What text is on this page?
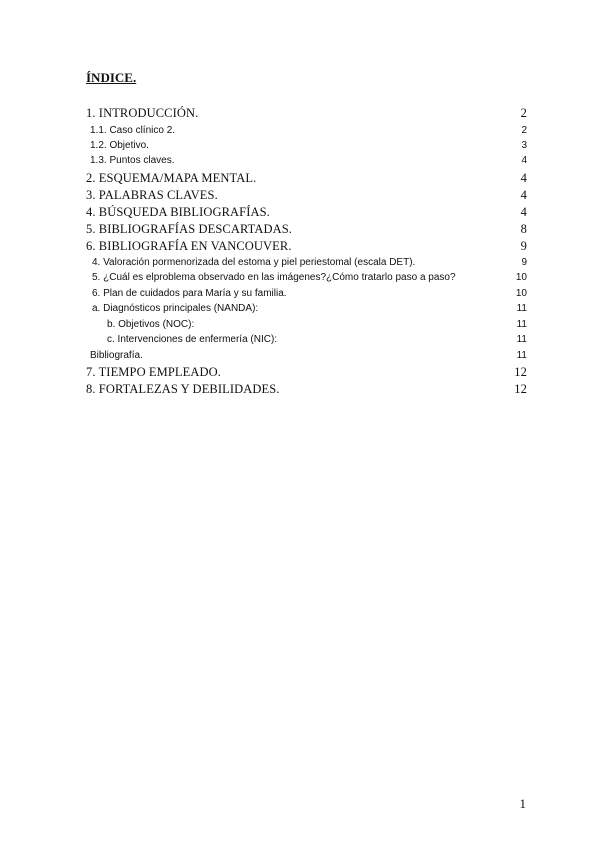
ÍNDICE.
1. INTRODUCCIÓN.	2
1.1. Caso clínico 2.	2
1.2. Objetivo.	3
1.3. Puntos claves.	4
2. ESQUEMA/MAPA MENTAL.	4
3. PALABRAS CLAVES.	4
4. BÚSQUEDA BIBLIOGRAFÍAS.	4
5. BIBLIOGRAFÍAS DESCARTADAS.	8
6. BIBLIOGRAFÍA EN VANCOUVER.	9
4. Valoración pormenorizada del estoma y piel periestomal (escala DET).	9
5. ¿Cuál es elproblema observado en las imágenes?¿Cómo tratarlo paso a paso?	10
6. Plan de cuidados para María y su familia.	10
a. Diagnósticos principales (NANDA):	11
b. Objetivos (NOC):	11
c. Intervenciones de enfermería (NIC):	11
Bibliografía.	11
7. TIEMPO EMPLEADO.	12
8. FORTALEZAS Y DEBILIDADES.	12
1
